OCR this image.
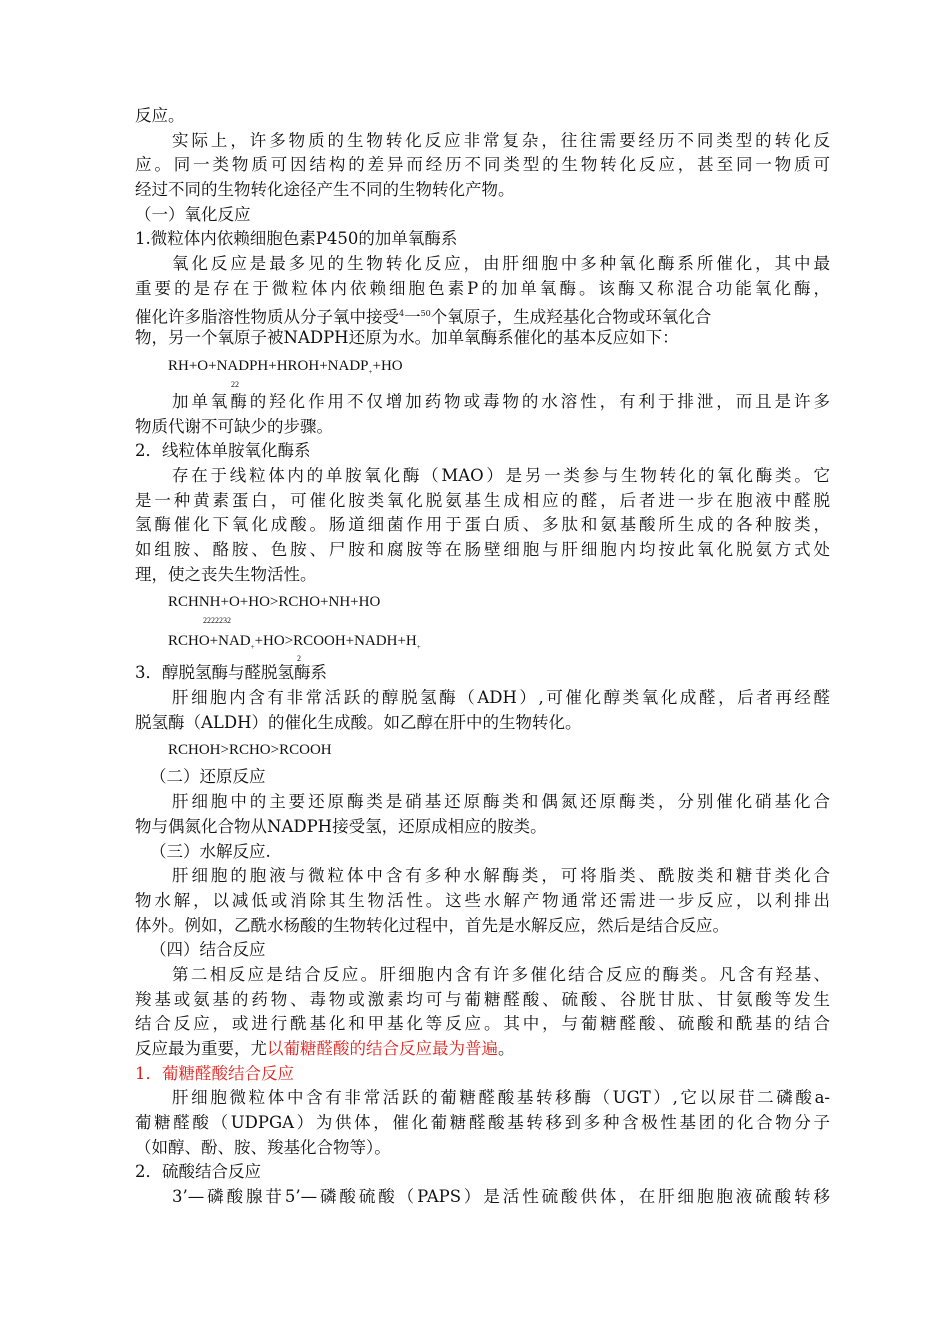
反应。
实际上，许多物质的生物转化反应非常复杂，往往需要经历不同类型的转化反
应。同一类物质可因结构的差异而经历不同类型的生物转化反应，甚至同一物质可
经过不同的生物转化途径产生不同的生物转化产物。
（一）氧化反应
1.微粒体内依赖细胞色素P450的加单氧酶系
氧化反应是最多见的生物转化反应，由肝细胞中多种氧化酶系所催化，其中最
重要的是存在于微粒体内依赖细胞色素P的加单氧酶。该酶又称混合功能氧化酶，
催化许多脂溶性物质从分子氧中接受$^4$一$^{50}$个氧原子，生成羟基化合物或环氧化合
物，另一个氧原子被NADPH还原为水。加单氧酶系催化的基本反应如下：
$RH+O+NADPH+HROH+NADP_++HO$
22
加单氧酶的羟化作用不仅增加药物或毒物的水溶性，有利于排泄，而且是许多
物质代谢不可缺少的步骤。
2．线粒体单胺氧化酶系
存在于线粒体内的单胺氧化酶（MAO）是另一类参与生物转化的氧化酶类。它
是一种黄素蛋白，可催化胺类氧化脱氨基生成相应的醛，后者进一步在胞液中醛脱
氢酶催化下氧化成酸。肠道细菌作用于蛋白质、多肽和氨基酸所生成的各种胺类，
如组胺、酪胺、色胺、尸胺和腐胺等在肠壁细胞与肝细胞内均按此氧化脱氨方式处
理，使之丧失生物活性。
RCHNH+O+HO>RCHO+NH+HO
2222232
$RCHO+NAD_++HO>RCOOH+NADH+H_+$
2
3．醇脱氢酶与醛脱氢酶系
肝细胞内含有非常活跃的醇脱氢酶（ADH）,可催化醇类氧化成醛，后者再经醛
脱氢酶（ALDH）的催化生成酸。如乙醇在肝中的生物转化。
RCHOH>RCHO>RCOOH
（二）还原反应
肝细胞中的主要还原酶类是硝基还原酶类和偶氮还原酶类，分别催化硝基化合
物与偶氮化合物从NADPH接受氢，还原成相应的胺类。
（三）水解反应.
肝细胞的胞液与微粒体中含有多种水解酶类，可将脂类、酰胺类和糖苷类化合
物水解，以减低或消除其生物活性。这些水解产物通常还需进一步反应，以利排出
体外。例如，乙酰水杨酸的生物转化过程中，首先是水解反应，然后是结合反应。
（四）结合反应
第二相反应是结合反应。肝细胞内含有许多催化结合反应的酶类。凡含有羟基、
羧基或氨基的药物、毒物或激素均可与葡糖醛酸、硫酸、谷胱甘肽、甘氨酸等发生
结合反应，或进行酰基化和甲基化等反应。其中，与葡糖醛酸、硫酸和酰基的结合
反应最为重要，尤以葡糖醛酸的结合反应最为普遍。
1．葡糖醛酸结合反应
肝细胞微粒体中含有非常活跃的葡糖醛酸基转移酶（UGT）,它以尿苷二磷酸a-
葡糖醛酸（UDPGA）为供体，催化葡糖醛酸基转移到多种含极性基团的化合物分子
（如醇、酚、胺、羧基化合物等）。
2．硫酸结合反应
3’—磷酸腺苷5’—磷酸硫酸（PAPS）是活性硫酸供体，在肝细胞胞液硫酸转移
